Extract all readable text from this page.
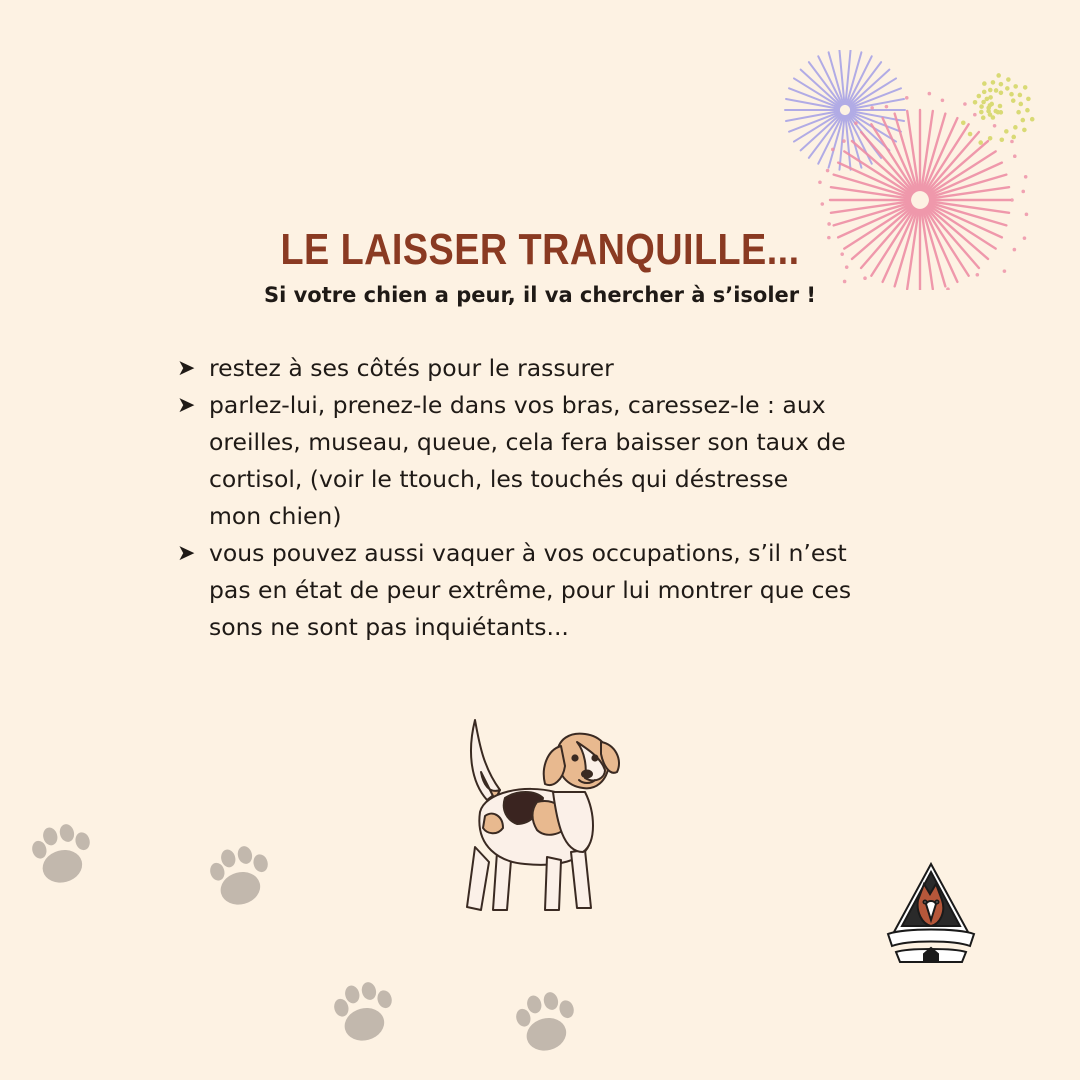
LE LAISSER TRANQUILLE...
Si votre chien a peur, il va chercher à s’isoler !
➤ restez à ses côtés pour le rassurer
➤ parlez-lui, prenez-le dans vos bras, caressez-le : aux
oreilles, museau, queue, cela fera baisser son taux de
cortisol, (voir le ttouch, les touchés qui déstresse
mon chien)
➤ vous pouvez aussi vaquer à vos occupations, s’il n’est
pas en état de peur extrême, pour lui montrer que ces
sons ne sont pas inquiétants...
